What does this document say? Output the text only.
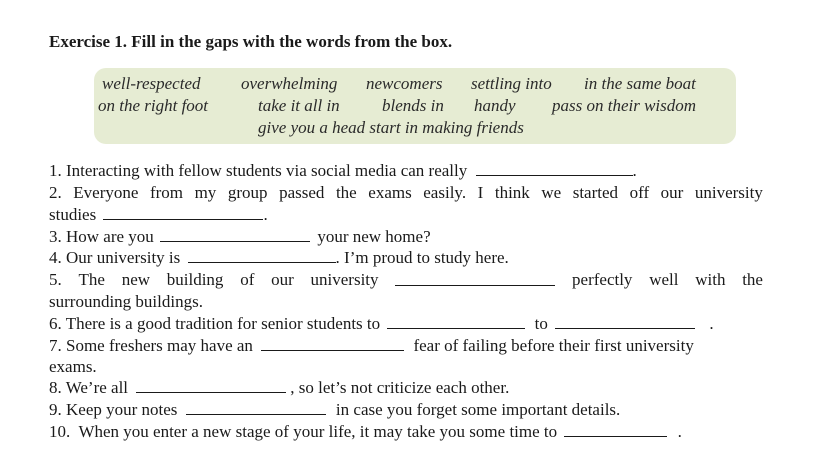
Exercise 1. Fill in the gaps with the words from the box.
well-respected overwhelming newcomers settling into in the same boat
on the right foot	take it all in blends in handy pass on their wisdom
give you a head start in making friends
1. Interacting with fellow students via social media can really	.
2. Everyone from my group passed the exams easily. I think we started off our university
studies	.
3. How are you	your new home?
4. Our university is	. I’m proud to study here.
5. The new building of our university	perfectly well with the
surrounding buildings.
6. There is a good tradition for senior students to	to	.
7. Some freshers may have an	fear of failing before their first university
exams.
8. We’re all	, so let’s not criticize each other.
9. Keep your notes	in case you forget some important details.
10.  When you enter a new stage of your life, it may take you some time to	.
